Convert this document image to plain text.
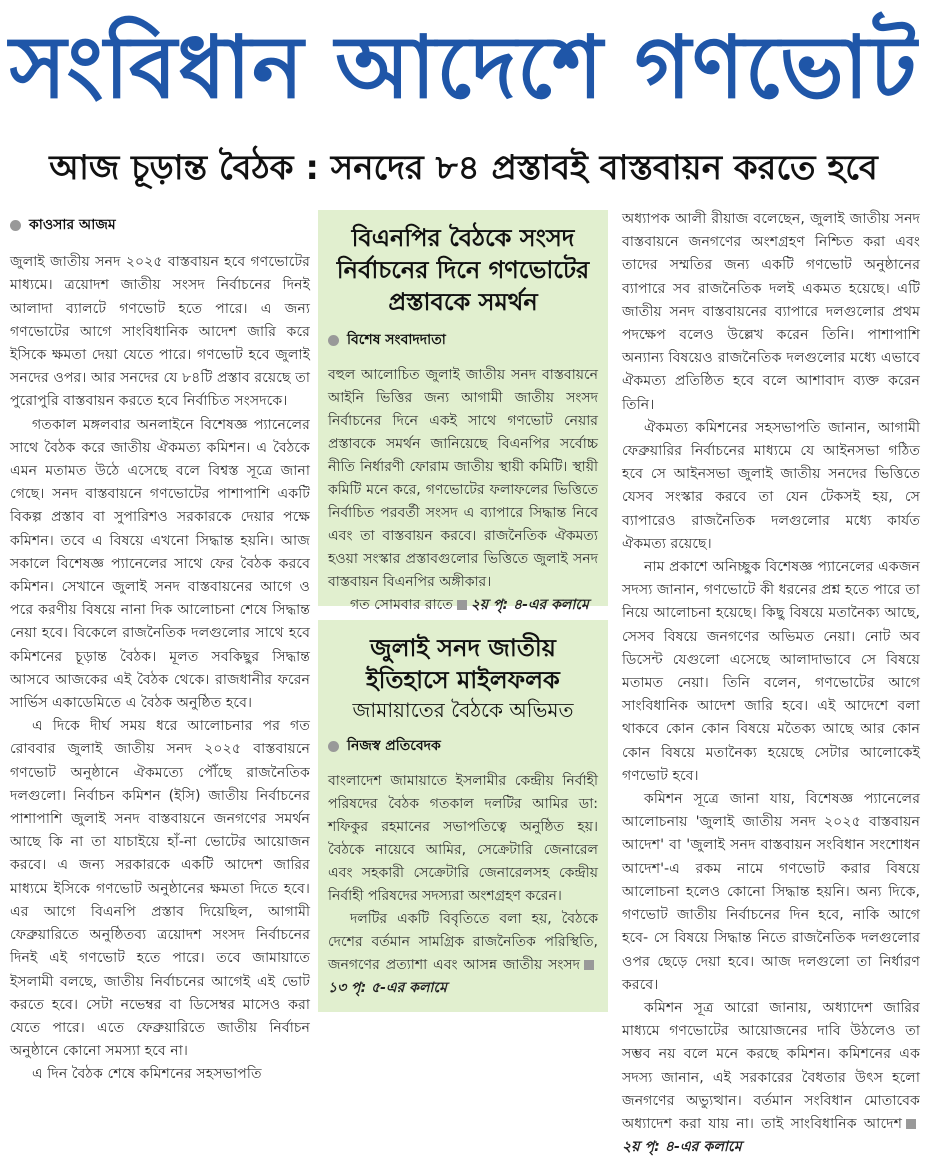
সংবিধান আদেশে গণভোট
আজ চূড়ান্ত বৈঠক : সনদের ৮৪ প্রস্তাবই বাস্তবায়ন করতে হবে
কাওসার আজম

জুলাই জাতীয় সনদ ২০২৫ বাস্তবায়ন হবে গণভোটের মাধ্যমে। ত্রয়োদশ জাতীয় সংসদ নির্বাচনের দিনই আলাদা ব্যালটে গণভোট হতে পারে। এ জন্য গণভোটের আগে সাংবিধানিক আদেশ জারি করে ইসিকে ক্ষমতা দেয়া যেতে পারে। গণভোট হবে জুলাই সনদের ওপর। আর সনদের যে ৮৪টি প্রস্তাব রয়েছে তা পুরোপুরি বাস্তবায়ন করতে হবে নির্বাচিত সংসদকে।

গতকাল মঙ্গলবার অনলাইনে বিশেষজ্ঞ প্যানেলের সাথে বৈঠক করে জাতীয় ঐকমত্য কমিশন। এ বৈঠকে এমন মতামত উঠে এসেছে বলে বিশ্বস্ত সূত্রে জানা গেছে। সনদ বাস্তবায়নে গণভোটের পাশাপাশি একটি বিকল্প প্রস্তাব বা সুপারিশও সরকারকে দেয়ার পক্ষে কমিশন। তবে এ বিষয়ে এখনো সিদ্ধান্ত হয়নি। আজ সকালে বিশেষজ্ঞ প্যানেলের সাথে ফের বৈঠক করবে কমিশন। সেখানে জুলাই সনদ বাস্তবায়নের আগে ও পরে করণীয় বিষয়ে নানা দিক আলোচনা শেষে সিদ্ধান্ত নেয়া হবে। বিকেলে রাজনৈতিক দলগুলোর সাথে হবে কমিশনের চূড়ান্ত বৈঠক। মূলত সবকিছুর সিদ্ধান্ত আসবে আজকের এই বৈঠক থেকে। রাজধানীর ফরেন সার্ভিস একাডেমিতে এ বৈঠক অনুষ্ঠিত হবে।

এ দিকে দীর্ঘ সময় ধরে আলোচনার পর গত রোববার জুলাই জাতীয় সনদ ২০২৫ বাস্তবায়নে গণভোট অনুষ্ঠানে ঐকমত্যে পৌঁছে রাজনৈতিক দলগুলো। নির্বাচন কমিশন (ইসি) জাতীয় নির্বাচনের পাশাপাশি জুলাই সনদ বাস্তবায়নে জনগণের সমর্থন আছে কি না তা যাচাইয়ে হাঁ-না ভোটের আয়োজন করবে। এ জন্য সরকারকে একটি আদেশ জারির মাধ্যমে ইসিকে গণভোট অনুষ্ঠানের ক্ষমতা দিতে হবে। এর আগে বিএনপি প্রস্তাব দিয়েছিল, আগামী ফেব্রুয়ারিতে অনুষ্ঠিতব্য ত্রয়োদশ সংসদ নির্বাচনের দিনই এই গণভোট হতে পারে। তবে জামায়াতে ইসলামী বলছে, জাতীয় নির্বাচনের আগেই এই ভোট করতে হবে। সেটা নভেম্বর বা ডিসেম্বর মাসেও করা যেতে পারে। এতে ফেব্রুয়ারিতে জাতীয় নির্বাচন অনুষ্ঠানে কোনো সমস্যা হবে না।

এ দিন বৈঠক শেষে কমিশনের সহসভাপতি

বিএনপির বৈঠকে সংসদ নির্বাচনের দিনে গণভোটের প্রস্তাবকে সমর্থন
বিশেষ সংবাদদাতা

বহুল আলোচিত জুলাই জাতীয় সনদ বাস্তবায়নে আইনি ভিত্তির জন্য আগামী জাতীয় সংসদ নির্বাচনের দিনে একই সাথে গণভোট নেয়ার প্রস্তাবকে সমর্থন জানিয়েছে বিএনপির সর্বোচ্চ নীতি নির্ধারণী ফোরাম জাতীয় স্থায়ী কমিটি। স্থায়ী কমিটি মনে করে, গণভোটের ফলাফলের ভিত্তিতে নির্বাচিত পরবর্তী সংসদ এ ব্যাপারে সিদ্ধান্ত নিবে এবং তা বাস্তবায়ন করবে। রাজনৈতিক ঐকমত্য হওয়া সংস্কার প্রস্তাবগুলোর ভিত্তিতে জুলাই সনদ বাস্তবায়ন বিএনপির অঙ্গীকার।

গত সোমবার রাতে ২য় পৃ: ৪-এর কলামে

জুলাই সনদ জাতীয় ইতিহাসে মাইলফলক
জামায়াতের বৈঠকে অভিমত
নিজস্ব প্রতিবেদক

বাংলাদেশ জামায়াতে ইসলামীর কেন্দ্রীয় নির্বাহী পরিষদের বৈঠক গতকাল দলটির আমির ডা: শফিকুর রহমানের সভাপতিত্বে অনুষ্ঠিত হয়। বৈঠকে নায়েবে আমির, সেক্রেটারি জেনারেল এবং সহকারী সেক্রেটারি জেনারেলসহ কেন্দ্রীয় নির্বাহী পরিষদের সদস্যরা অংশগ্রহণ করেন।

দলটির একটি বিবৃতিতে বলা হয়, বৈঠকে দেশের বর্তমান সামগ্রিক রাজনৈতিক পরিস্থিতি, জনগণের প্রত্যাশা এবং আসন্ন জাতীয় সংসদ১৩ পৃ: ৫-এর কলামে

অধ্যাপক আলী রীয়াজ বলেছেন, জুলাই জাতীয় সনদ বাস্তবায়নে জনগণের অংশগ্রহণ নিশ্চিত করা এবং তাদের সম্মতির জন্য একটি গণভোট অনুষ্ঠানের ব্যাপারে সব রাজনৈতিক দলই একমত হয়েছে। এটি জাতীয় সনদ বাস্তবায়নের ব্যাপারে দলগুলোর প্রথম পদক্ষেপ বলেও উল্লেখ করেন তিনি। পাশাপাশি অন্যান্য বিষয়েও রাজনৈতিক দলগুলোর মধ্যে এভাবে ঐকমত্য প্রতিষ্ঠিত হবে বলে আশাবাদ ব্যক্ত করেন তিনি।

ঐকমত্য কমিশনের সহসভাপতি জানান, আগামী ফেব্রুয়ারির নির্বাচনের মাধ্যমে যে আইনসভা গঠিত হবে সে আইনসভা জুলাই জাতীয় সনদের ভিত্তিতে যেসব সংস্কার করবে তা যেন টেকসই হয়, সে ব্যাপারেও রাজনৈতিক দলগুলোর মধ্যে কার্যত ঐকমত্য রয়েছে।

নাম প্রকাশে অনিচ্ছুক বিশেষজ্ঞ প্যানেলের একজন সদস্য জানান, গণভোটে কী ধরনের প্রশ্ন হতে পারে তা নিয়ে আলোচনা হয়েছে। কিছু বিষয়ে মতানৈক্য আছে, সেসব বিষয়ে জনগণের অভিমত নেয়া। নোট অব ডিসেন্ট যেগুলো এসেছে আলাদাভাবে সে বিষয়ে মতামত নেয়া। তিনি বলেন, গণভোটের আগে সাংবিধানিক আদেশ জারি হবে। এই আদেশে বলা থাকবে কোন কোন বিষয়ে মতৈক্য আছে আর কোন কোন বিষয়ে মতানৈক্য হয়েছে সেটার আলোকেই গণভোট হবে।

কমিশন সূত্রে জানা যায়, বিশেষজ্ঞ প্যানেলের আলোচনায় 'জুলাই জাতীয় সনদ ২০২৫ বাস্তবায়ন আদেশ' বা 'জুলাই সনদ বাস্তবায়ন সংবিধান সংশোধন আদেশ'-এ রকম নামে গণভোট করার বিষয়ে আলোচনা হলেও কোনো সিদ্ধান্ত হয়নি। অন্য দিকে, গণভোট জাতীয় নির্বাচনের দিন হবে, নাকি আগে হবে- সে বিষয়ে সিদ্ধান্ত নিতে রাজনৈতিক দলগুলোর ওপর ছেড়ে দেয়া হবে। আজ দলগুলো তা নির্ধারণ করবে।

কমিশন সূত্র আরো জানায়, অধ্যাদেশ জারির মাধ্যমে গণভোটের আয়োজনের দাবি উঠলেও তা সম্ভব নয় বলে মনে করছে কমিশন। কমিশনের এক সদস্য জানান, এই সরকারের বৈধতার উৎস হলো জনগণের অভ্যুত্থান। বর্তমান সংবিধান মোতাবেক অধ্যাদেশ করা যায় না। তাই সাংবিধানিক আদেশ২য় পৃ: ৪-এর কলামে
